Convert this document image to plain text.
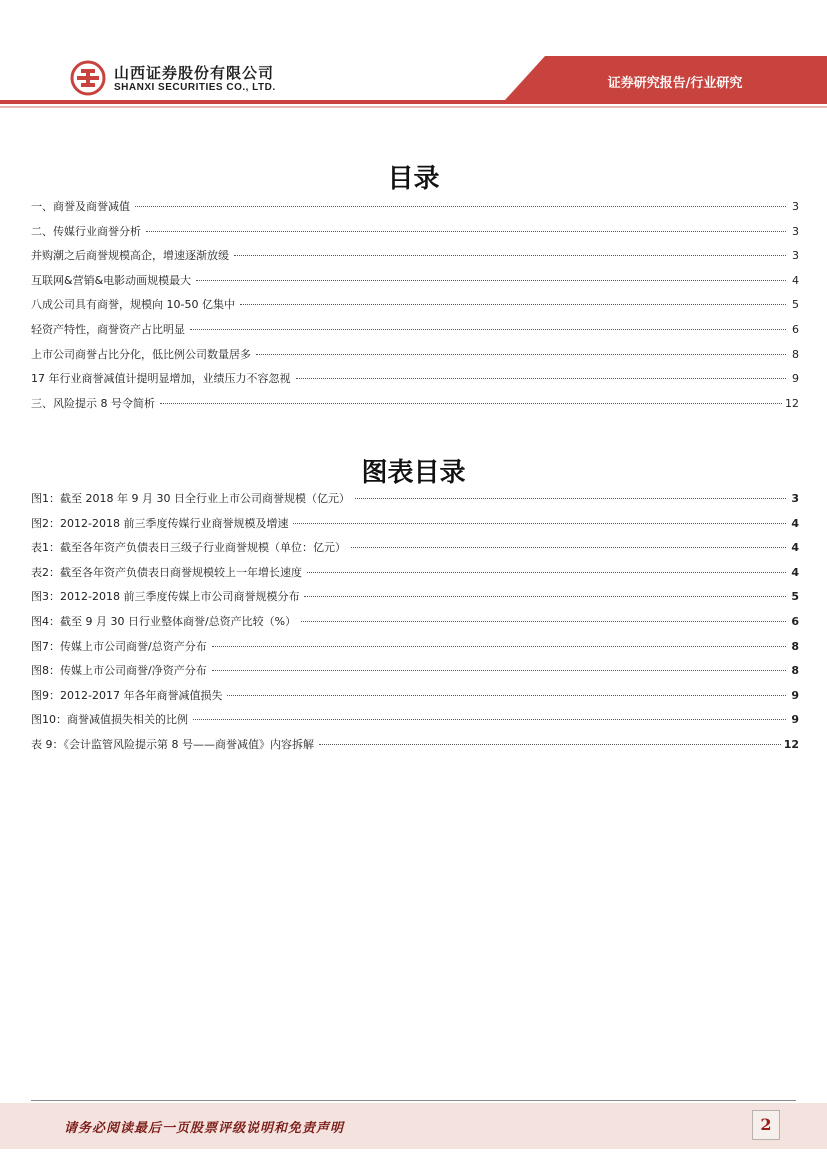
山西证券股份有限公司
SHANXI SECURITIES CO., LTD.	证券研究报告/行业研究
目录
一、商誉及商誉减值	3
二、传媒行业商誉分析	3
并购潮之后商誉规模高企，增速逐渐放缓	3
互联网&营销&电影动画规模最大	4
八成公司具有商誉，规模向 10-50 亿集中	5
轻资产特性，商誉资产占比明显	6
上市公司商誉占比分化，低比例公司数量居多	8
17 年行业商誉减值计提明显增加，业绩压力不容忽视	9
三、风险提示 8 号令简析	12
图表目录
图1：截至 2018 年 9 月 30 日全行业上市公司商誉规模（亿元）	3
图2：2012-2018 前三季度传媒行业商誉规模及增速	4
表1：截至各年资产负债表日三级子行业商誉规模（单位：亿元）	4
表2：截至各年资产负债表日商誉规模较上一年增长速度	4
图3：2012-2018 前三季度传媒上市公司商誉规模分布	5
图4：截至 9 月 30 日行业整体商誉/总资产比较（%）	6
图7：传媒上市公司商誉/总资产分布	8
图8：传媒上市公司商誉/净资产分布	8
图9：2012-2017 年各年商誉减值损失	9
图10：商誉减值损失相关的比例	9
表 9：《会计监管风险提示第 8 号——商誉减值》内容拆解	12
请务必阅读最后一页股票评级说明和免责声明	2
